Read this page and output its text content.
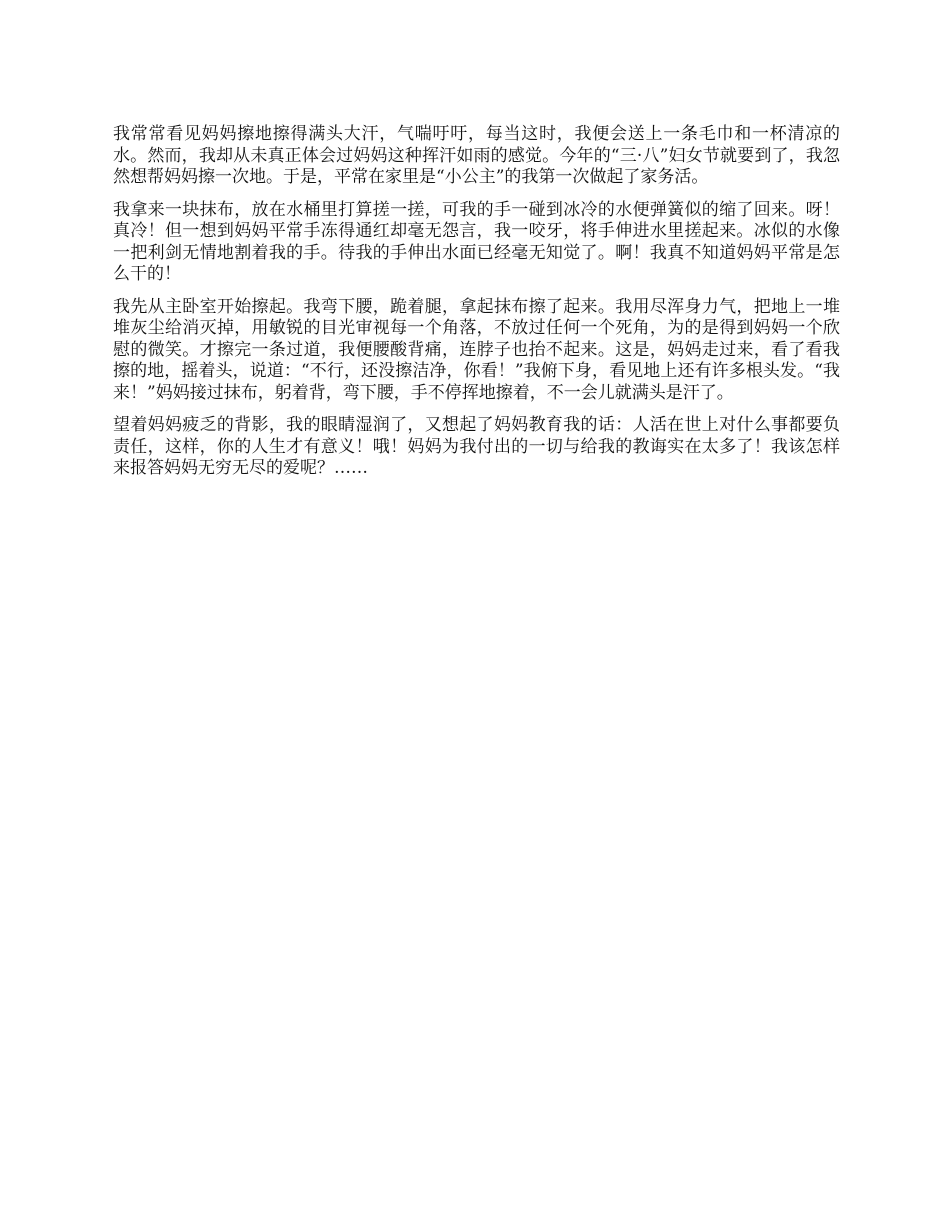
我常常看见妈妈擦地擦得满头大汗，气喘吁吁，每当这时，我便会送上一条毛巾和一杯清凉的水。然而，我却从未真正体会过妈妈这种挥汗如雨的感觉。今年的“三·八”妇女节就要到了，我忽然想帮妈妈擦一次地。于是，平常在家里是“小公主”的我第一次做起了家务活。

我拿来一块抹布，放在水桶里打算搓一搓，可我的手一碰到冰冷的水便弹簧似的缩了回来。呀！真冷！但一想到妈妈平常手冻得通红却毫无怨言，我一咬牙，将手伸进水里搓起来。冰似的水像一把利剑无情地割着我的手。待我的手伸出水面已经毫无知觉了。啊！我真不知道妈妈平常是怎么干的！

我先从主卧室开始擦起。我弯下腰，跪着腿，拿起抹布擦了起来。我用尽浑身力气，把地上一堆堆灰尘给消灭掉，用敏锐的目光审视每一个角落，不放过任何一个死角，为的是得到妈妈一个欣慰的微笑。才擦完一条过道，我便腰酸背痛，连脖子也抬不起来。这是，妈妈走过来，看了看我擦的地，摇着头，说道：“不行，还没擦洁净，你看！”我俯下身，看见地上还有许多根头发。“我来！”妈妈接过抹布，躬着背，弯下腰，手不停挥地擦着，不一会儿就满头是汗了。

望着妈妈疲乏的背影，我的眼睛湿润了，又想起了妈妈教育我的话：人活在世上对什么事都要负责任，这样，你的人生才有意义！哦！妈妈为我付出的一切与给我的教诲实在太多了！我该怎样来报答妈妈无穷无尽的爱呢？……
